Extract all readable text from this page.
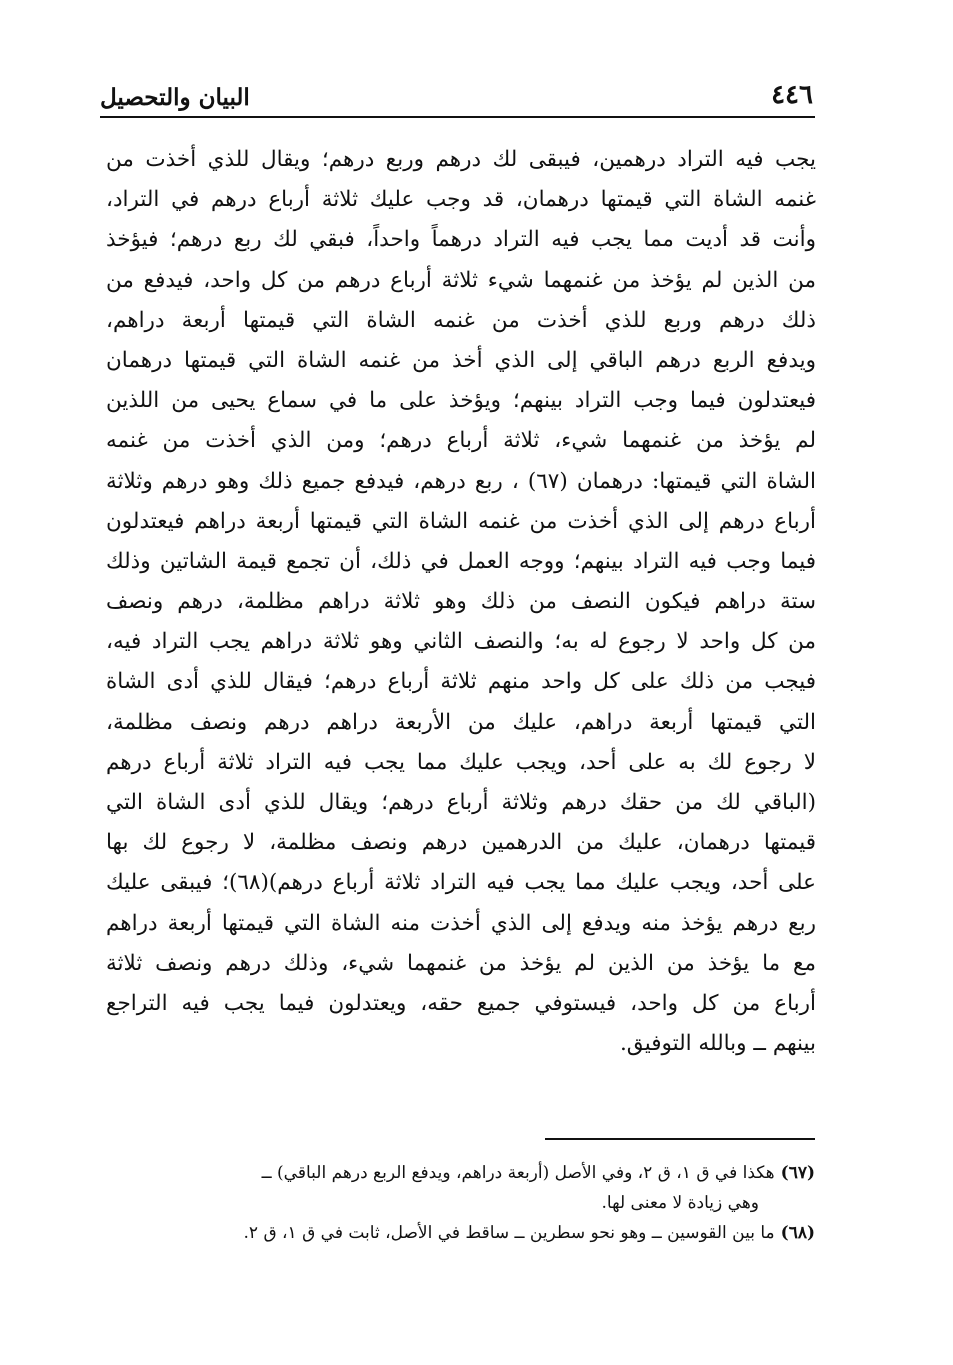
البيان والتحصيل	٤٤٦
يجب فيه التراد درهمين، فيبقى لك درهم وربع درهم؛ ويقال للذي أخذت من
غنمه الشاة التي قيمتها درهمان، قد وجب عليك ثلاثة أرباع درهم في التراد،
وأنت قد أديت مما يجب فيه التراد درهماً واحداً، فبقي لك ربع درهم؛ فيؤخذ
من الذين لم يؤخذ من غنمهما شيء ثلاثة أرباع درهم من كل واحد، فيدفع من
ذلك درهم وربع للذي أخذت من غنمه الشاة التي قيمتها أربعة دراهم،
ويدفع الربع درهم الباقي إلى الذي أخذ من غنمه الشاة التي قيمتها درهمان
فيعتدلون فيما وجب التراد بينهم؛ ويؤخذ على ما في سماع يحيى من اللذين
لم يؤخذ من غنمهما شيء، ثلاثة أرباع درهم؛ ومن الذي أخذت من غنمه
الشاة التي قيمتها: درهمان (٦٧) ، ربع درهم، فيدفع جميع ذلك وهو درهم وثلاثة
أرباع درهم إلى الذي أخذت من غنمه الشاة التي قيمتها أربعة دراهم فيعتدلون
فيما وجب فيه التراد بينهم؛ ووجه العمل في ذلك، أن تجمع قيمة الشاتين وذلك
ستة دراهم فيكون النصف من ذلك وهو ثلاثة دراهم مظلمة، درهم ونصف
من كل واحد لا رجوع له به؛ والنصف الثاني وهو ثلاثة دراهم يجب التراد فيه،
فيجب من ذلك على كل واحد منهم ثلاثة أرباع درهم؛ فيقال للذي أدى الشاة
التي قيمتها أربعة دراهم، عليك من الأربعة دراهم درهم ونصف مظلمة،
لا رجوع لك به على أحد، ويجب عليك مما يجب فيه التراد ثلاثة أرباع درهم
(الباقي لك من حقك درهم وثلاثة أرباع درهم؛ ويقال للذي أدى الشاة التي
قيمتها درهمان، عليك من الدرهمين درهم ونصف مظلمة، لا رجوع لك بها
على أحد، ويجب عليك مما يجب فيه التراد ثلاثة أرباع درهم)(٦٨)؛ فيبقى عليك
ربع درهم يؤخذ منه ويدفع إلى الذي أخذت منه الشاة التي قيمتها أربعة دراهم
مع ما يؤخذ من الذين لم يؤخذ من غنمهما شيء، وذلك درهم ونصف ثلاثة
أرباع من كل واحد، فيستوفي جميع حقه، ويعتدلون فيما يجب فيه التراجع
بينهم ــ وبالله التوفيق.
(٦٧)هكذا في ق ١، ق ٢، وفي الأصل (أربعة دراهم، ويدفع الربع درهم الباقي) ــ
وهي زيادة لا معنى لها.
(٦٨)ما بين القوسين ــ وهو نحو سطرين ــ ساقط في الأصل، ثابت في ق ١، ق ٢.
